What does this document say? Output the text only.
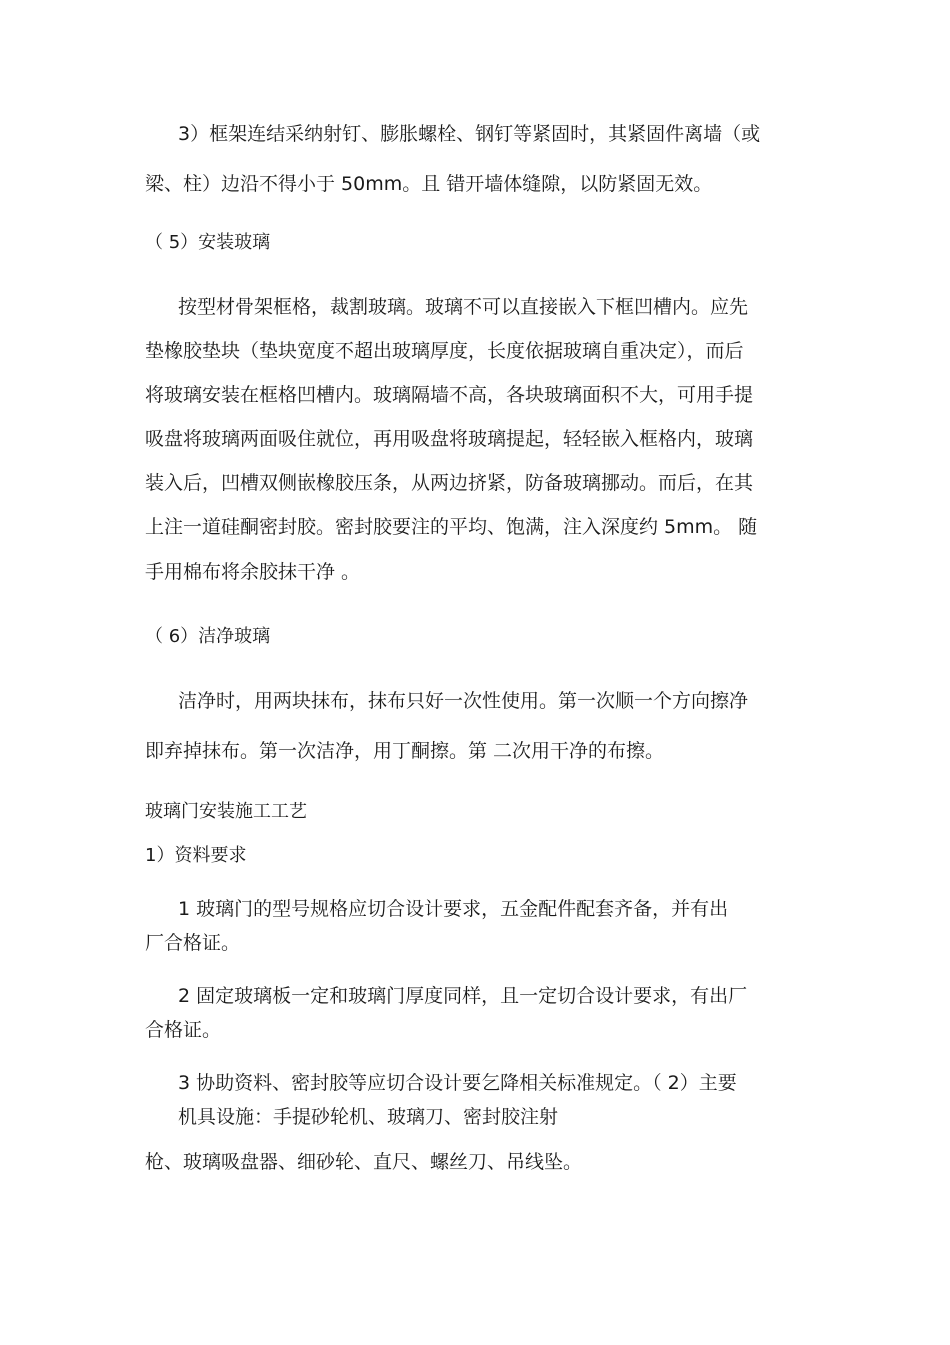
3）框架连结采纳射钉、膨胀螺栓、钢钉等紧固时，其紧固件离墙（或
梁、柱）边沿不得小于 50mm。且 错开墙体缝隙，以防紧固无效。
（ 5）安装玻璃
按型材骨架框格，裁割玻璃。玻璃不可以直接嵌入下框凹槽内。应先
垫橡胶垫块（垫块宽度不超出玻璃厚度，长度依据玻璃自重决定），而后
将玻璃安装在框格凹槽内。玻璃隔墙不高，各块玻璃面积不大，可用手提
吸盘将玻璃两面吸住就位，再用吸盘将玻璃提起，轻轻嵌入框格内，玻璃
装入后，凹槽双侧嵌橡胶压条，从两边挤紧，防备玻璃挪动。而后，在其
上注一道硅酮密封胶。密封胶要注的平均、饱满，注入深度约 5mm。 随
手用棉布将余胶抹干净 。
（ 6）洁净玻璃
洁净时，用两块抹布，抹布只好一次性使用。第一次顺一个方向擦净
即弃掉抹布。第一次洁净，用丁酮擦。第 二次用干净的布擦。
玻璃门安装施工工艺
1）资料要求
1 玻璃门的型号规格应切合设计要求，五金配件配套齐备，并有出
厂合格证。
2 固定玻璃板一定和玻璃门厚度同样，且一定切合设计要求，有出厂
合格证。
3 协助资料、密封胶等应切合设计要乞降相关标准规定。（ 2）主要
机具设施：手提砂轮机、玻璃刀、密封胶注射
枪、玻璃吸盘器、细砂轮、直尺、螺丝刀、吊线坠。
